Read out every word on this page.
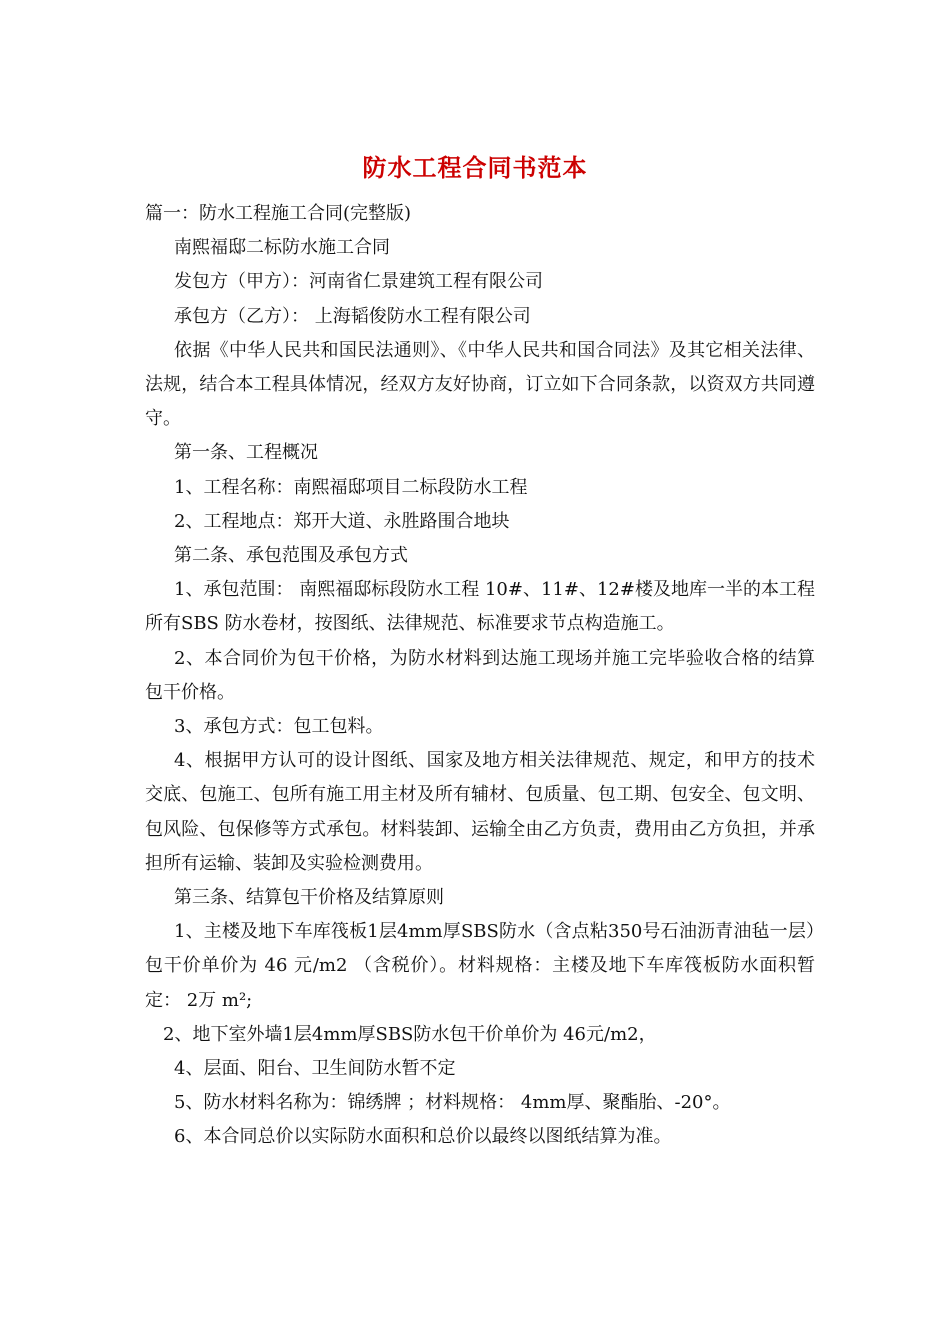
防水工程合同书范本

篇一：防水工程施工合同(完整版)

南熙福邸二标防水施工合同

发包方（甲方）：河南省仁景建筑工程有限公司

承包方（乙方）： 上海韬俊防水工程有限公司

依据《中华人民共和国民法通则》、《中华人民共和国合同法》及其它相关法律、法规，结合本工程具体情况，经双方友好协商，订立如下合同条款，以资双方共同遵守。

第一条、工程概况

1、工程名称：南熙福邸项目二标段防水工程

2、工程地点：郑开大道、永胜路围合地块

第二条、承包范围及承包方式

1、承包范围： 南熙福邸标段防水工程 10#、11#、12#楼及地库一半的本工程所有SBS 防水卷材，按图纸、法律规范、标准要求节点构造施工。

2、本合同价为包干价格，为防水材料到达施工现场并施工完毕验收合格的结算包干价格。

3、承包方式：包工包料。

4、根据甲方认可的设计图纸、国家及地方相关法律规范、规定，和甲方的技术交底、包施工、包所有施工用主材及所有辅材、包质量、包工期、包安全、包文明、包风险、包保修等方式承包。材料装卸、运输全由乙方负责，费用由乙方负担，并承担所有运输、装卸及实验检测费用。

第三条、结算包干价格及结算原则

1、主楼及地下车库筏板1层4mm厚SBS防水（含点粘350号石油沥青油毡一层）包干价单价为 46 元/m2 （含税价）。材料规格：主楼及地下车库筏板防水面积暂定： 2万 m²;

2、地下室外墙1层4mm厚SBS防水包干价单价为 46元/m2，

4、层面、阳台、卫生间防水暂不定

5、防水材料名称为：锦绣牌 ；材料规格： 4mm厚、聚酯胎、-20°。

6、本合同总价以实际防水面积和总价以最终以图纸结算为准。
